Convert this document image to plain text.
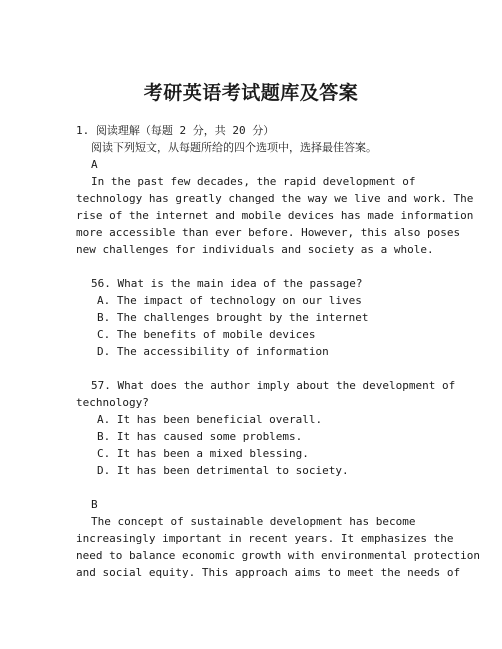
考研英语考试题库及答案
1. 阅读理解（每题 2 分，共 20 分）
阅读下列短文，从每题所给的四个选项中，选择最佳答案。
A
In the past few decades, the rapid development of
technology has greatly changed the way we live and work. The
rise of the internet and mobile devices has made information
more accessible than ever before. However, this also poses
new challenges for individuals and society as a whole.
56. What is the main idea of the passage?
A. The impact of technology on our lives
B. The challenges brought by the internet
C. The benefits of mobile devices
D. The accessibility of information
57. What does the author imply about the development of
technology?
A. It has been beneficial overall.
B. It has caused some problems.
C. It has been a mixed blessing.
D. It has been detrimental to society.
B
The concept of sustainable development has become
increasingly important in recent years. It emphasizes the
need to balance economic growth with environmental protection
and social equity. This approach aims to meet the needs of
